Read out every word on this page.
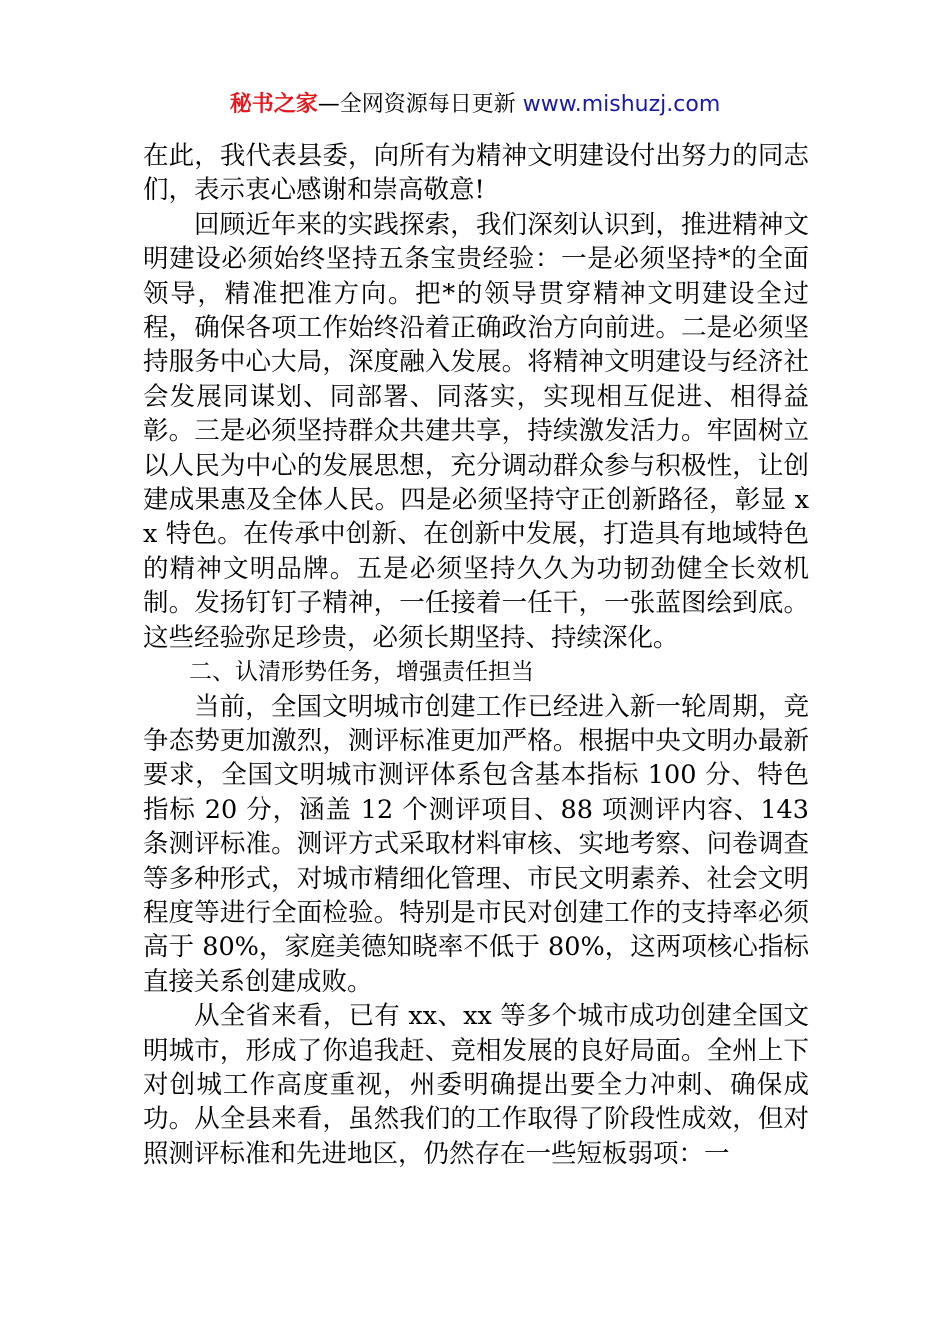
秘书之家—全网资源每日更新 www.mishuzj.com

在此，我代表县委，向所有为精神文明建设付出努力的同志们，表示衷心感谢和崇高敬意!

回顾近年来的实践探索，我们深刻认识到，推进精神文明建设必须始终坚持五条宝贵经验：一是必须坚持*的全面领导，精准把准方向。把*的领导贯穿精神文明建设全过程，确保各项工作始终沿着正确政治方向前进。二是必须坚持服务中心大局，深度融入发展。将精神文明建设与经济社会发展同谋划、同部署、同落实，实现相互促进、相得益彰。三是必须坚持群众共建共享，持续激发活力。牢固树立以人民为中心的发展思想，充分调动群众参与积极性，让创建成果惠及全体人民。四是必须坚持守正创新路径，彰显 xx 特色。在传承中创新、在创新中发展，打造具有地域特色的精神文明品牌。五是必须坚持久久为功韧劲健全长效机制。发扬钉钉子精神，一任接着一任干，一张蓝图绘到底。这些经验弥足珍贵，必须长期坚持、持续深化。

二、认清形势任务，增强责任担当

当前，全国文明城市创建工作已经进入新一轮周期，竞争态势更加激烈，测评标准更加严格。根据中央文明办最新要求，全国文明城市测评体系包含基本指标 100 分、特色指标 20 分，涵盖 12 个测评项目、88 项测评内容、143 条测评标准。测评方式采取材料审核、实地考察、问卷调查等多种形式，对城市精细化管理、市民文明素养、社会文明程度等进行全面检验。特别是市民对创建工作的支持率必须高于 80%，家庭美德知晓率不低于 80%，这两项核心指标直接关系创建成败。

从全省来看，已有 xx、xx 等多个城市成功创建全国文明城市，形成了你追我赶、竞相发展的良好局面。全州上下对创城工作高度重视，州委明确提出要全力冲刺、确保成功。从全县来看，虽然我们的工作取得了阶段性成效，但对照测评标准和先进地区，仍然存在一些短板弱项：一
